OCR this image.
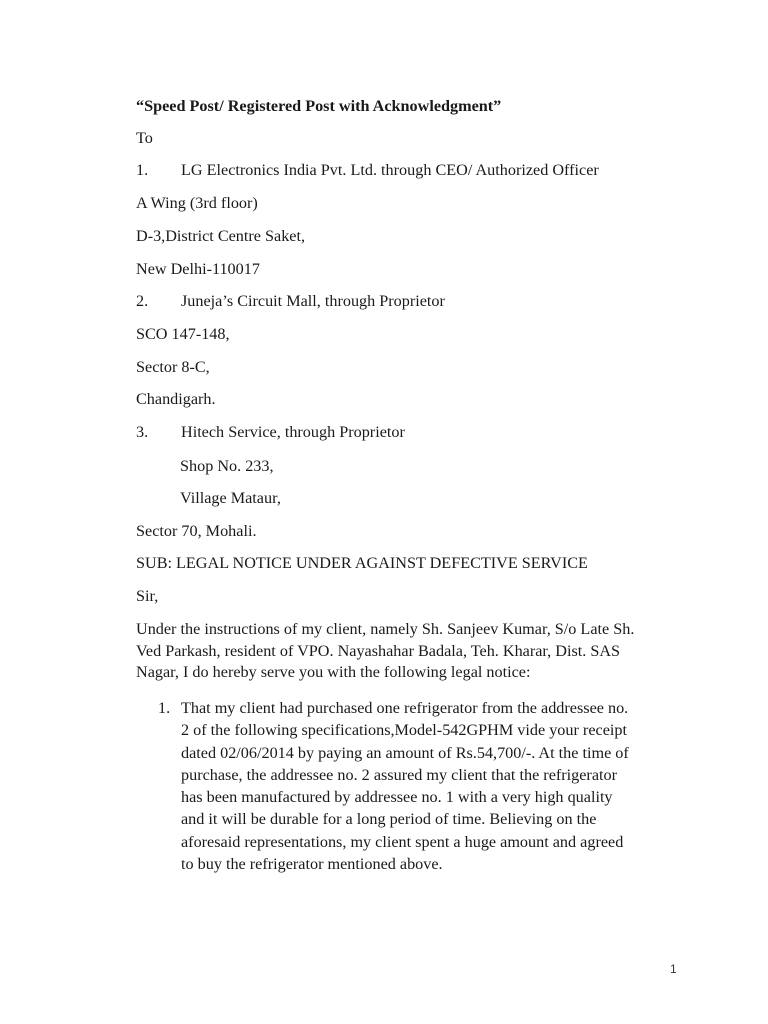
“Speed Post/ Registered Post with Acknowledgment”
To
1. LG Electronics India Pvt. Ltd. through CEO/ Authorized Officer
A Wing (3rd floor)
D-3,District Centre Saket,
New Delhi-110017
2. Juneja’s Circuit Mall, through Proprietor
SCO 147-148,
Sector 8-C,
Chandigarh.
3. Hitech Service, through Proprietor
Shop No. 233,
Village Mataur,
Sector 70, Mohali.
SUB: LEGAL NOTICE UNDER AGAINST DEFECTIVE SERVICE
Sir,
Under the instructions of my client, namely Sh. Sanjeev Kumar, S/o Late Sh.
Ved Parkash, resident of VPO. Nayashahar Badala, Teh. Kharar, Dist. SAS
Nagar, I do hereby serve you with the following legal notice:
1. That my client had purchased one refrigerator from the addressee no.
2 of the following specifications,Model-542GPHM vide your receipt
dated 02/06/2014 by paying an amount of Rs.54,700/-. At the time of
purchase, the addressee no. 2 assured my client that the refrigerator
has been manufactured by addressee no. 1 with a very high quality
and it will be durable for a long period of time. Believing on the
aforesaid representations, my client spent a huge amount and agreed
to buy the refrigerator mentioned above.
1
